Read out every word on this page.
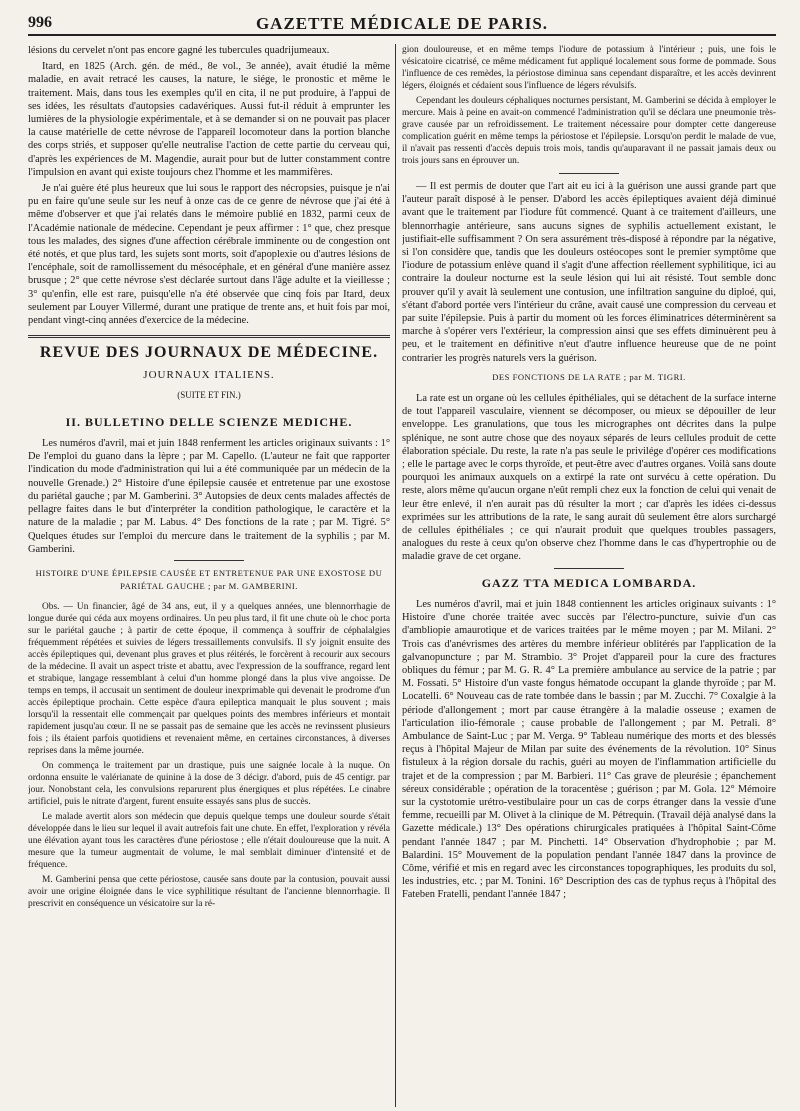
996	GAZETTE MÉDICALE DE PARIS.

lésions du cervelet n'ont pas encore gagné les tubercules quadrijumeaux.

Itard, en 1825 (Arch. gén. de méd., 8e vol., 3e année), avait étudié la même maladie, en avait retracé les causes, la nature, le siége, le pronostic et même le traitement. Mais, dans tous les exemples qu'il en cita, il ne put produire, à l'appui de ses idées, les résultats d'autopsies cadavériques. Aussi fut-il réduit à emprunter les lumières de la physiologie expérimentale, et à se demander si on ne pouvait pas placer la cause matérielle de cette névrose de l'appareil locomoteur dans la portion blanche des corps striés, et supposer qu'elle neutralise l'action de cette partie du cerveau qui, d'après les expériences de M. Magendie, aurait pour but de lutter constamment contre l'impulsion en avant qui existe toujours chez l'homme et les mammifères.

Je n'ai guère été plus heureux que lui sous le rapport des nécropsies, puisque je n'ai pu en faire qu'une seule sur les neuf à onze cas de ce genre de névrose que j'ai été à même d'observer et que j'ai relatés dans le mémoire publié en 1832, parmi ceux de l'Académie nationale de médecine. Cependant je peux affirmer : 1° que, chez presque tous les malades, des signes d'une affection cérébrale imminente ou de congestion ont été notés, et que plus tard, les sujets sont morts, soit d'apoplexie ou d'autres lésions de l'encéphale, soit de ramollissement du mésocéphale, et en général d'une manière assez brusque ; 2° que cette névrose s'est déclarée surtout dans l'âge adulte et la vieillesse ; 3° qu'enfin, elle est rare, puisqu'elle n'a été observée que cinq fois par Itard, deux seulement par Louyer Villermé, durant une pratique de trente ans, et huit fois par moi, pendant vingt-cinq années d'exercice de la médecine.

REVUE DES JOURNAUX DE MÉDECINE.
JOURNAUX ITALIENS.
(SUITE ET FIN.)
II. BULLETINO DELLE SCIENZE MEDICHE.

Les numéros d'avril, mai et juin 1848 renferment les articles originaux suivants : 1° De l'emploi du guano dans la lèpre ; par M. Capello. (L'auteur ne fait que rapporter l'indication du mode d'administration qui lui a été communiquée par un médecin de la nouvelle Grenade.) 2° Histoire d'une épilepsie causée et entretenue par une exostose du pariétal gauche ; par M. Gamberini. 3° Autopsies de deux cents malades affectés de pellagre faites dans le but d'interpréter la condition pathologique, le caractère et la nature de la maladie ; par M. Labus. 4° Des fonctions de la rate ; par M. Tigré. 5° Quelques études sur l'emploi du mercure dans le traitement de la syphilis ; par M. Gamberini.

HISTOIRE D'UNE ÉPILEPSIE CAUSÉE ET ENTRETENUE PAR UNE EXOSTOSE DU PARIÉTAL GAUCHE ; par M. GAMBERINI.

Obs. — Un financier, âgé de 34 ans, eut, il y a quelques années, une blennorrhagie de longue durée qui céda aux moyens ordinaires. Un peu plus tard, il fit une chute où le choc porta sur le pariétal gauche ; à partir de cette époque, il commença à souffrir de céphalalgies fréquemment répétées et suivies de légers tressaillements convulsifs. Il s'y joignit ensuite des accès épileptiques qui, devenant plus graves et plus réitérés, le forcèrent à recourir aux secours de la médecine. Il avait un aspect triste et abattu, avec l'expression de la souffrance, regard lent et strabique, langage ressemblant à celui d'un homme plongé dans la plus vive angoisse. De temps en temps, il accusait un sentiment de douleur inexprimable qui devenait le prodrome d'un accès épileptique prochain. Cette espèce d'aura epileptica manquait le plus souvent ; mais lorsqu'il la ressentait elle commençait par quelques points des membres inférieurs et montait rapidement jusqu'au cœur. Il ne se passait pas de semaine que les accès ne revinssent plusieurs fois ; ils étaient parfois quotidiens et revenaient même, en certaines circonstances, à diverses reprises dans la même journée.

On commença le traitement par un drastique, puis une saignée locale à la nuque. On ordonna ensuite le valérianate de quinine à la dose de 3 décigr. d'abord, puis de 45 centigr. par jour. Nonobstant cela, les convulsions reparurent plus énergiques et plus répétées. Le cinabre artificiel, puis le nitrate d'argent, furent ensuite essayés sans plus de succès.

Le malade avertit alors son médecin que depuis quelque temps une douleur sourde s'était développée dans le lieu sur lequel il avait autrefois fait une chute. En effet, l'exploration y révéla une élévation ayant tous les caractères d'une périostose ; elle n'était douloureuse que la nuit. A mesure que la tumeur augmentait de volume, le mal semblait diminuer d'intensité et de fréquence.

M. Gamberini pensa que cette périostose, causée sans doute par la contusion, pouvait aussi avoir une origine éloignée dans le vice syphilitique résultant de l'ancienne blennorrhagie. Il prescrivit en conséquence un vésicatoire sur la ré-

gion douloureuse, et en même temps l'iodure de potassium à l'intérieur ; puis, une fois le vésicatoire cicatrisé, ce même médicament fut appliqué localement sous forme de pommade. Sous l'influence de ces remèdes, la périostose diminua sans cependant disparaître, et les accès devinrent légers, éloignés et cédaient sous l'influence de légers révulsifs.

Cependant les douleurs céphaliques nocturnes persistant, M. Gamberini se décida à employer le mercure. Mais à peine en avait-on commencé l'administration qu'il se déclara une pneumonie très-grave causée par un refroidissement. Le traitement nécessaire pour dompter cette dangereuse complication guérit en même temps la périostose et l'épilepsie. Lorsqu'on perdit le malade de vue, il n'avait pas ressenti d'accès depuis trois mois, tandis qu'auparavant il ne passait jamais deux ou trois jours sans en éprouver un.

— Il est permis de douter que l'art ait eu ici à la guérison une aussi grande part que l'auteur paraît disposé à le penser. D'abord les accès épileptiques avaient déjà diminué avant que le traitement par l'iodure fût commencé. Quant à ce traitement d'ailleurs, une blennorrhagie antérieure, sans aucuns signes de syphilis actuellement existant, le justifiait-elle suffisamment ? On sera assurément très-disposé à répondre par la négative, si l'on considère que, tandis que les douleurs ostéocopes sont le premier symptôme que l'iodure de potassium enlève quand il s'agit d'une affection réellement syphilitique, ici au contraire la douleur nocturne est la seule lésion qui lui ait résisté. Tout semble donc prouver qu'il y avait là seulement une contusion, une infiltration sanguine du diploé, qui, s'étant d'abord portée vers l'intérieur du crâne, avait causé une compression du cerveau et par suite l'épilepsie. Puis à partir du moment où les forces éliminatrices déterminèrent sa marche à s'opérer vers l'extérieur, la compression ainsi que ses effets diminuèrent peu à peu, et le traitement en définitive n'eut d'autre influence heureuse que de ne point contrarier les progrès naturels vers la guérison.

DES FONCTIONS DE LA RATE ; par M. TIGRI.

La rate est un organe où les cellules épithéliales, qui se détachent de la surface interne de tout l'appareil vasculaire, viennent se décomposer, ou mieux se dépouiller de leur enveloppe. Les granulations, que tous les micrographes ont décrites dans la pulpe splénique, ne sont autre chose que des noyaux séparés de leurs cellules produit de cette élaboration spéciale. Du reste, la rate n'a pas seule le privilége d'opérer ces modifications ; elle le partage avec le corps thyroïde, et peut-être avec d'autres organes. Voilà sans doute pourquoi les animaux auxquels on a extirpé la rate ont survécu à cette opération. Du reste, alors même qu'aucun organe n'eût rempli chez eux la fonction de celui qui venait de leur être enlevé, il n'en aurait pas dû résulter la mort ; car d'après les idées ci-dessus exprimées sur les attributions de la rate, le sang aurait dû seulement être alors surchargé de cellules épithéliales ; ce qui n'aurait produit que quelques troubles passagers, analogues du reste à ceux qu'on observe chez l'homme dans le cas d'hypertrophie ou de maladie grave de cet organe.

GAZZ TTA MEDICA LOMBARDA.

Les numéros d'avril, mai et juin 1848 contiennent les articles originaux suivants : 1° Histoire d'une chorée traitée avec succès par l'électro-puncture, suivie d'un cas d'ambliopie amaurotique et de varices traitées par le même moyen ; par M. Milani. 2° Trois cas d'anévrismes des artères du membre inférieur oblitérés par l'application de la galvanopuncture ; par M. Strambio. 3° Projet d'appareil pour la cure des fractures obliques du fémur ; par M. G. R. 4° La première ambulance au service de la patrie ; par M. Fossati. 5° Histoire d'un vaste fongus hématode occupant la glande thyroïde ; par M. Locatelli. 6° Nouveau cas de rate tombée dans le bassin ; par M. Zucchi. 7° Coxalgie à la période d'allongement ; mort par cause étrangère à la maladie osseuse ; examen de l'articulation ilio-fémorale ; cause probable de l'allongement ; par M. Petrali. 8° Ambulance de Saint-Luc ; par M. Verga. 9° Tableau numérique des morts et des blessés reçus à l'hôpital Majeur de Milan par suite des événements de la révolution. 10° Sinus fistuleux à la région dorsale du rachis, guéri au moyen de l'inflammation artificielle du trajet et de la compression ; par M. Barbieri. 11° Cas grave de pleurésie ; épanchement séreux considérable ; opération de la toracentèse ; guérison ; par M. Gola. 12° Mémoire sur la cystotomie urétro-vestibulaire pour un cas de corps étranger dans la vessie d'une femme, recueilli par M. Olivet à la clinique de M. Pétrequin. (Travail déjà analysé dans la Gazette médicale.) 13° Des opérations chirurgicales pratiquées à l'hôpital Saint-Côme pendant l'année 1847 ; par M. Pinchetti. 14° Observation d'hydrophobie ; par M. Balardini. 15° Mouvement de la population pendant l'année 1847 dans la province de Côme, vérifié et mis en regard avec les circonstances topographiques, les produits du sol, les industries, etc. ; par M. Tonini. 16° Description des cas de typhus reçus à l'hôpital des Fateben Fratelli, pendant l'année 1847 ;
